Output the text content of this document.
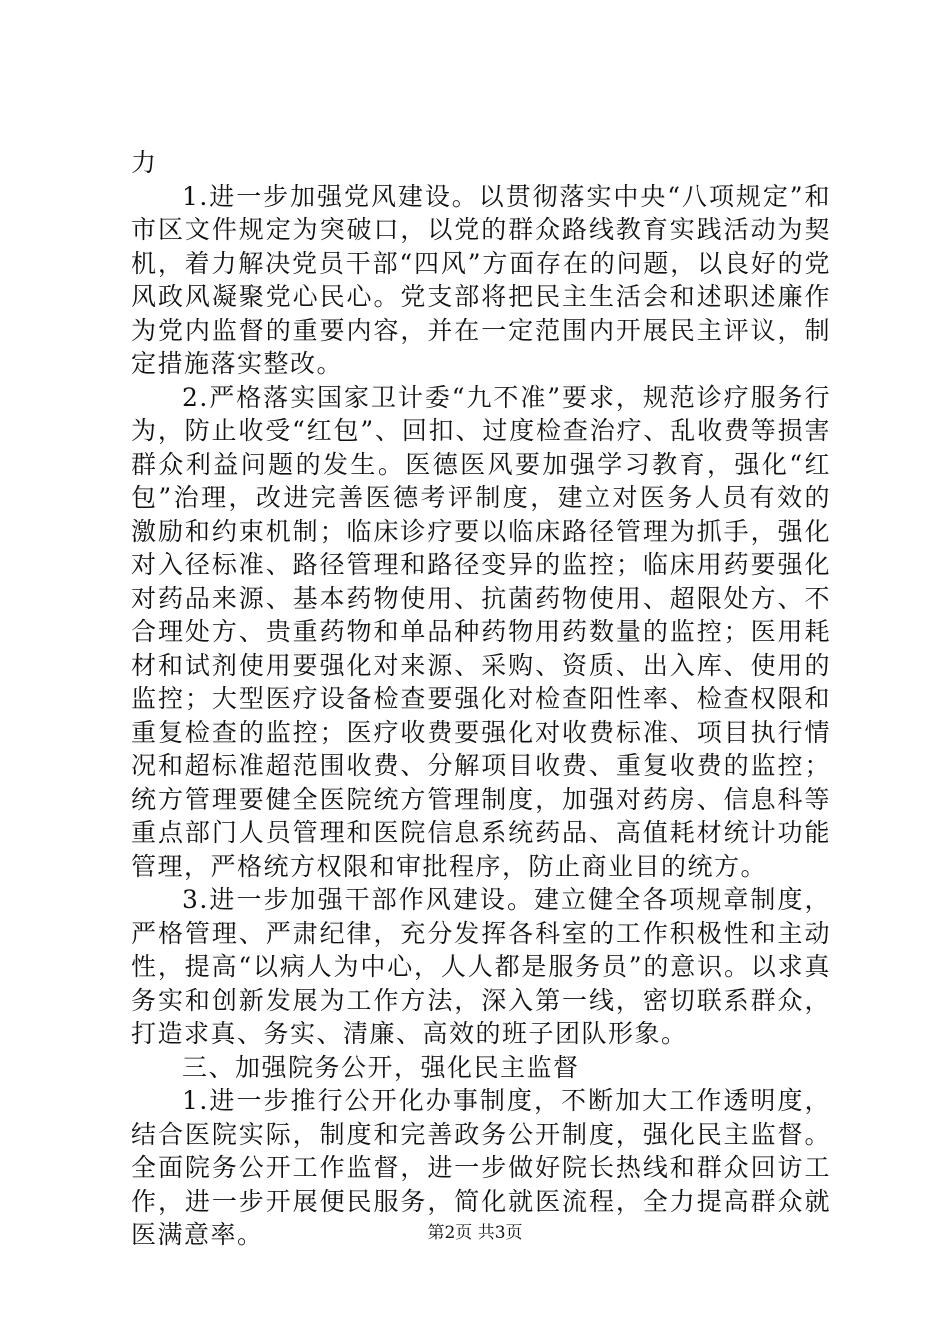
力

1.进一步加强党风建设。以贯彻落实中央“八项规定”和市区文件规定为突破口，以党的群众路线教育实践活动为契机，着力解决党员干部“四风”方面存在的问题，以良好的党风政风凝聚党心民心。党支部将把民主生活会和述职述廉作为党内监督的重要内容，并在一定范围内开展民主评议，制定措施落实整改。

2.严格落实国家卫计委“九不准”要求，规范诊疗服务行为，防止收受“红包”、回扣、过度检查治疗、乱收费等损害群众利益问题的发生。医德医风要加强学习教育，强化“红包”治理，改进完善医德考评制度，建立对医务人员有效的激励和约束机制；临床诊疗要以临床路径管理为抓手，强化对入径标准、路径管理和路径变异的监控；临床用药要强化对药品来源、基本药物使用、抗菌药物使用、超限处方、不合理处方、贵重药物和单品种药物用药数量的监控；医用耗材和试剂使用要强化对来源、采购、资质、出入库、使用的监控；大型医疗设备检查要强化对检查阳性率、检查权限和重复检查的监控；医疗收费要强化对收费标准、项目执行情况和超标准超范围收费、分解项目收费、重复收费的监控；统方管理要健全医院统方管理制度，加强对药房、信息科等重点部门人员管理和医院信息系统药品、高值耗材统计功能管理，严格统方权限和审批程序，防止商业目的统方。

3.进一步加强干部作风建设。建立健全各项规章制度，严格管理、严肃纪律，充分发挥各科室的工作积极性和主动性，提高“以病人为中心，人人都是服务员”的意识。以求真务实和创新发展为工作方法，深入第一线，密切联系群众，打造求真、务实、清廉、高效的班子团队形象。

三、加强院务公开，强化民主监督

1.进一步推行公开化办事制度，不断加大工作透明度，结合医院实际，制度和完善政务公开制度，强化民主监督。全面院务公开工作监督，进一步做好院长热线和群众回访工作，进一步开展便民服务，简化就医流程，全力提高群众就医满意率。	第2页 共3页
